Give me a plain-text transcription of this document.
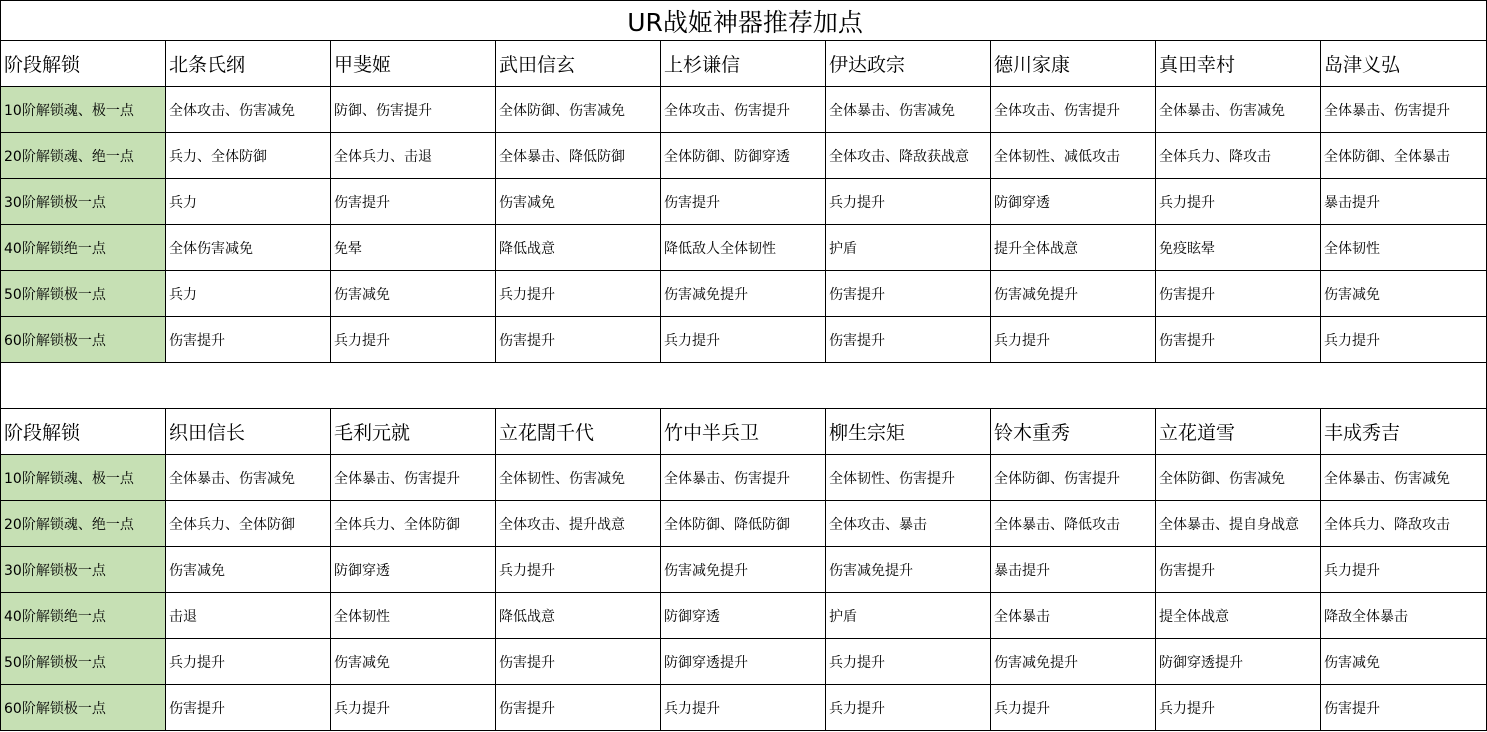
UR战姬神器推荐加点								
阶段解锁	北条氏纲	甲斐姬	武田信玄	上杉谦信	伊达政宗	德川家康	真田幸村	岛津义弘
10阶解锁魂、极一点	全体攻击、伤害减免	防御、伤害提升	全体防御、伤害减免	全体攻击、伤害提升	全体暴击、伤害减免	全体攻击、伤害提升	全体暴击、伤害减免	全体暴击、伤害提升
20阶解锁魂、绝一点	兵力、全体防御	全体兵力、击退	全体暴击、降低防御	全体防御、防御穿透	全体攻击、降敌获战意	全体韧性、减低攻击	全体兵力、降攻击	全体防御、全体暴击
30阶解锁极一点	兵力	伤害提升	伤害减免	伤害提升	兵力提升	防御穿透	兵力提升	暴击提升
40阶解锁绝一点	全体伤害减免	免晕	降低战意	降低敌人全体韧性	护盾	提升全体战意	免疫眩晕	全体韧性
50阶解锁极一点	兵力	伤害减免	兵力提升	伤害减免提升	伤害提升	伤害减免提升	伤害提升	伤害减免
60阶解锁极一点	伤害提升	兵力提升	伤害提升	兵力提升	伤害提升	兵力提升	伤害提升	兵力提升

阶段解锁	织田信长	毛利元就	立花誾千代	竹中半兵卫	柳生宗矩	铃木重秀	立花道雪	丰成秀吉
10阶解锁魂、极一点	全体暴击、伤害减免	全体暴击、伤害提升	全体韧性、伤害减免	全体暴击、伤害提升	全体韧性、伤害提升	全体防御、伤害提升	全体防御、伤害减免	全体暴击、伤害减免
20阶解锁魂、绝一点	全体兵力、全体防御	全体兵力、全体防御	全体攻击、提升战意	全体防御、降低防御	全体攻击、暴击	全体暴击、降低攻击	全体暴击、提自身战意	全体兵力、降敌攻击
30阶解锁极一点	伤害减免	防御穿透	兵力提升	伤害减免提升	伤害减免提升	暴击提升	伤害提升	兵力提升
40阶解锁绝一点	击退	全体韧性	降低战意	防御穿透	护盾	全体暴击	提全体战意	降敌全体暴击
50阶解锁极一点	兵力提升	伤害减免	伤害提升	防御穿透提升	兵力提升	伤害减免提升	防御穿透提升	伤害减免
60阶解锁极一点	伤害提升	兵力提升	伤害提升	兵力提升	兵力提升	兵力提升	兵力提升	伤害提升
